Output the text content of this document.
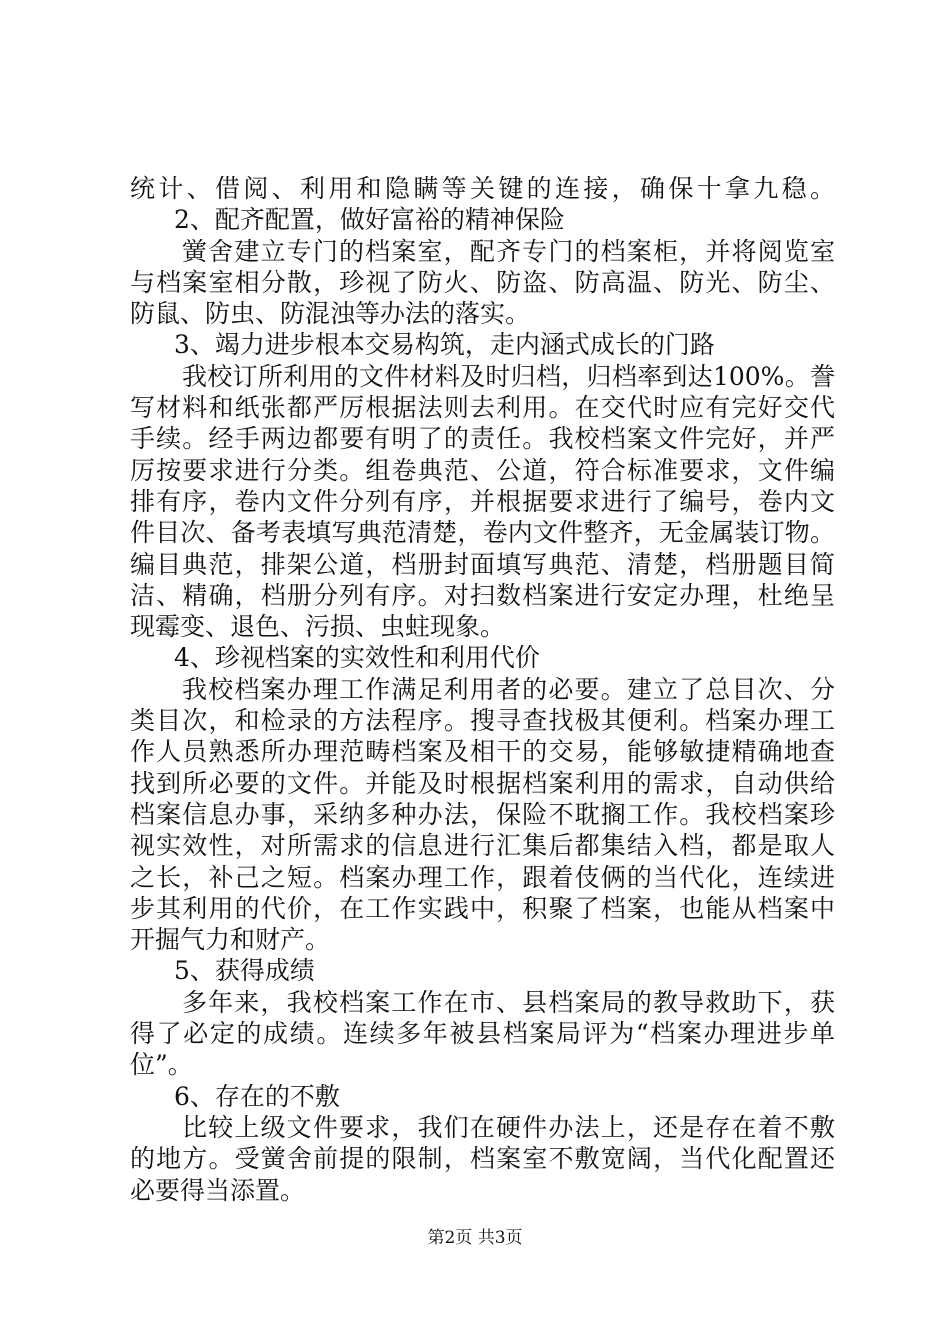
统计、借阅、利用和隐瞒等关键的连接，确保十拿九稳。
2、配齐配置，做好富裕的精神保险
黉舍建立专门的档案室，配齐专门的档案柜，并将阅览室
与档案室相分散，珍视了防火、防盗、防高温、防光、防尘、
防鼠、防虫、防混浊等办法的落实。
3、竭力进步根本交易构筑，走内涵式成长的门路
我校订所利用的文件材料及时归档，归档率到达100%。誊
写材料和纸张都严厉根据法则去利用。在交代时应有完好交代
手续。经手两边都要有明了的责任。我校档案文件完好，并严
厉按要求进行分类。组卷典范、公道，符合标准要求，文件编
排有序，卷内文件分列有序，并根据要求进行了编号，卷内文
件目次、备考表填写典范清楚，卷内文件整齐，无金属装订物。
编目典范，排架公道，档册封面填写典范、清楚，档册题目简
洁、精确，档册分列有序。对扫数档案进行安定办理，杜绝呈
现霉变、退色、污损、虫蛀现象。
4、珍视档案的实效性和利用代价
我校档案办理工作满足利用者的必要。建立了总目次、分
类目次，和检录的方法程序。搜寻查找极其便利。档案办理工
作人员熟悉所办理范畴档案及相干的交易，能够敏捷精确地查
找到所必要的文件。并能及时根据档案利用的需求，自动供给
档案信息办事，采纳多种办法，保险不耽搁工作。我校档案珍
视实效性，对所需求的信息进行汇集后都集结入档，都是取人
之长，补己之短。档案办理工作，跟着伎俩的当代化，连续进
步其利用的代价，在工作实践中，积聚了档案，也能从档案中
开掘气力和财产。
5、获得成绩
多年来，我校档案工作在市、县档案局的教导救助下，获
得了必定的成绩。连续多年被县档案局评为“档案办理进步单
位”。
6、存在的不敷
比较上级文件要求，我们在硬件办法上，还是存在着不敷
的地方。受黉舍前提的限制，档案室不敷宽阔，当代化配置还
必要得当添置。
第2页 共3页
